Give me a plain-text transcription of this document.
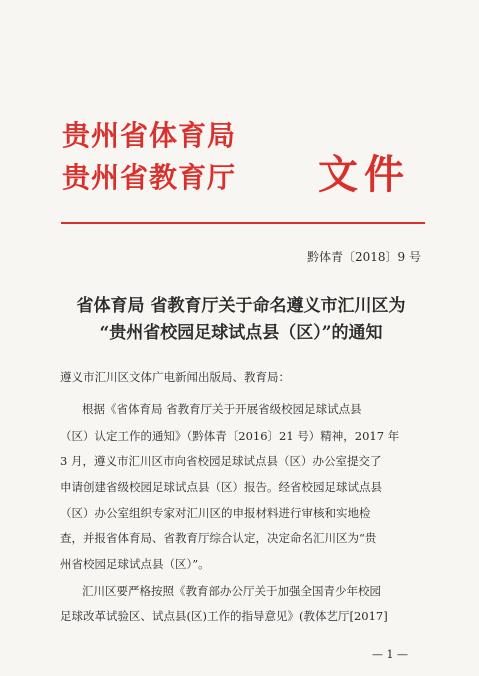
贵州省体育局
贵州省教育厅 文件
黔体青〔2018〕9 号
省体育局 省教育厅关于命名遵义市汇川区为
“贵州省校园足球试点县（区）”的通知
遵义市汇川区文体广电新闻出版局、教育局：
根据《省体育局 省教育厅关于开展省级校园足球试点县
（区）认定工作的通知》（黔体青〔2016〕21 号）精神，2017 年
3 月，遵义市汇川区市向省校园足球试点县（区）办公室提交了
申请创建省级校园足球试点县（区）报告。经省校园足球试点县
（区）办公室组织专家对汇川区的申报材料进行审核和实地检
查，并报省体育局、省教育厅综合认定，决定命名汇川区为“贵
州省校园足球试点县（区）”。
汇川区要严格按照《教育部办公厅关于加强全国青少年校园
足球改革试验区、试点县(区)工作的指导意见》(教体艺厅[2017]
— 1 —
